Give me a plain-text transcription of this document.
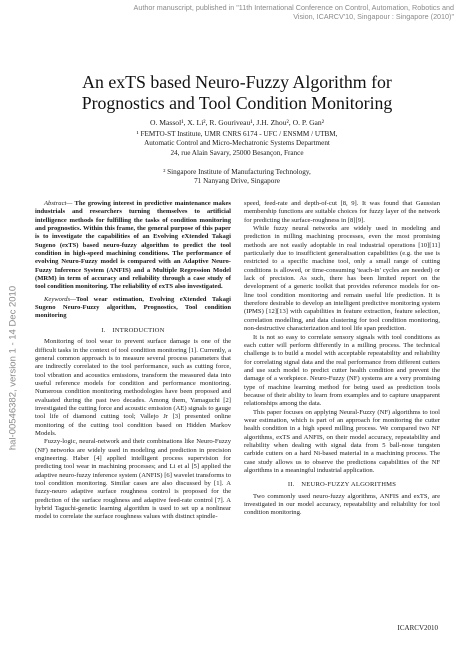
Author manuscript, published in "11th International Conference on Control, Automation, Robotics and Vision, ICARCV'10, Singapour : Singapore (2010)"
hal-00546382, version 1 - 14 Dec 2010
An exTS based Neuro-Fuzzy Algorithm for Prognostics and Tool Condition Monitoring
O. Massol¹, X. Li², R. Gouriveau¹, J.H. Zhou², O. P. Gan²
¹ FEMTO-ST Institute, UMR CNRS 6174 - UFC / ENSMM / UTBM,
Automatic Control and Micro-Mechatronic Systems Department
24, rue Alain Savary, 25000 Besançon, France
² Singapore Institute of Manufacturing Technology,
71 Nanyang Drive, Singapore

Abstract— The growing interest in predictive maintenance makes industrials and researchers turning themselves to artificial intelligence methods for fulfilling the tasks of condition monitoring and prognostics. Within this frame, the general purpose of this paper is to investigate the capabilities of an Evolving eXtended Takagi Sugeno (exTS) based neuro-fuzzy algorithm to predict the tool condition in high-speed machining conditions. The performance of evolving Neuro-Fuzzy model is compared with an Adaptive Neuro-Fuzzy Inference System (ANFIS) and a Multiple Regression Model (MRM) in term of accuracy and reliability through a case study of tool condition monitoring. The reliability of exTS also investigated.

Keywords—Tool wear estimation, Evolving eXtended Takagi Sugeno Neuro-Fuzzy algorithm, Prognostics, Tool condition monitoring

I. INTRODUCTION

Monitoring of tool wear to prevent surface damage is one of the difficult tasks in the context of tool condition monitoring [1]. Currently, a general common approach is to measure several process parameters that are indirectly correlated to the tool performance, such as cutting force, tool vibration and acoustics emissions, transform the measured data into useful reference models for condition and performance monitoring. Numerous condition monitoring methodologies have been proposed and evaluated during the past two decades. Among them, Yamaguchi [2] investigated the cutting force and acoustic emission (AE) signals to gauge tool life of diamond cutting tool; Vallejo Jr [3] presented online monitoring of the cutting tool condition based on Hidden Markov Models.

Fuzzy-logic, neural-network and their combinations like Neuro-Fuzzy (NF) networks are widely used in modeling and prediction in precision engineering. Haber [4] applied intelligent process supervision for predicting tool wear in machining processes; and Li et al [5] applied the adaptive neuro-fuzzy inference system (ANFIS) [6] wavelet transforms to tool condition monitoring. Similar cases are also discussed by [1]. A fuzzy-neuro adaptive surface roughness control is proposed for the prediction of the surface roughness and adaptive feed-rate control [7]. A hybrid Taguchi-genetic learning algorithm is used to set up a nonlinear model to correlate the surface roughness values with distinct spindle-

speed, feed-rate and depth-of-cut [8, 9]. It was found that Gaussian membership functions are suitable choices for fuzzy layer of the network for predicting the surface-roughness in [8][9].

While fuzzy neural networks are widely used in modeling and prediction in milling machining processes, even the most promising methods are not easily adoptable in real industrial operations [10][11] particularly due to insufficient generalisation capabilities (e.g. the use is restricted to a specific machine tool, only a small range of cutting conditions is allowed, or time-consuming 'teach-in' cycles are needed) or lack of precision. As such, there has been limited report on the development of a generic toolkit that provides reference models for on-line tool condition monitoring and remain useful life prediction. It is therefore desirable to develop an intelligent predictive monitoring system (IPMS) [12][13] with capabilities in feature extraction, feature selection, correlation modelling, and data clustering for tool condition monitoring, non-destructive characterization and tool life span prediction.

It is not so easy to correlate sensory signals with tool conditions as each cutter will perform differently in a milling process. The technical challenge is to build a model with acceptable repeatability and reliability for correlating signal data and the real performance from different cutters and use such model to predict cutter health condition and prevent the damage of a workpiece. Neuro-Fuzzy (NF) systems are a very promising type of machine learning method for being used as prediction tools because of their ability to learn from examples and to capture unapparent relationships among the data.

This paper focuses on applying Neural-Fuzzy (NF) algorithms to tool wear estimation, which is part of an approach for monitoring the cutter health condition in a high speed milling process. We compared two NF algorithms, exTS and ANFIS, on their model accuracy, repeatability and reliability when dealing with signal data from 5 ball-nose tungsten carbide cutters on a hard Ni-based material in a machining process. The case study allows us to observe the predictions capabilities of the NF algorithms in a meaningful industrial application.

II. NEURO-FUZZY ALGORITHMS

Two commonly used neuro-fuzzy algorithms, ANFIS and exTS, are investigated in our model accuracy, repeatability and reliability for tool condition monitoring.

ICARCV2010
